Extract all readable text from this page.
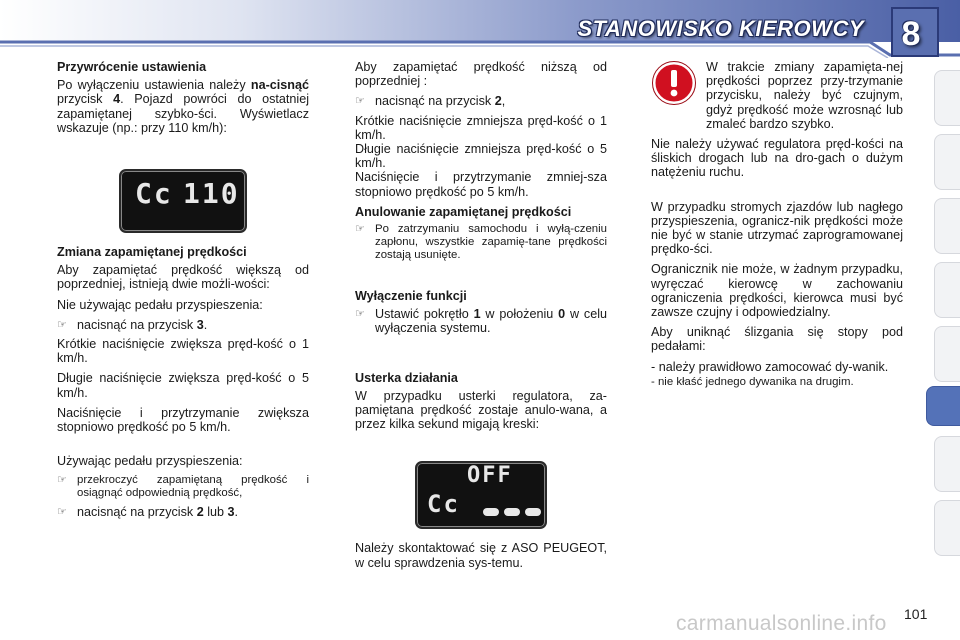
STANOWISKO KIEROWCY	8
Przywrócenie ustawienia
Po wyłączeniu ustawienia należy na-cisnąć przycisk 4. Pojazd powróci do ostatniej zapamiętanej szybko-ści. Wyświetlacz wskazuje (np.: przy 110 km/h):
Cc 110
Zmiana zapamiętanej prędkości
Aby zapamiętać prędkość większą od poprzedniej, istnieją dwie możli-wości:
Nie używając pedału przyspieszenia:
☞ nacisnąć na przycisk 3.
Krótkie naciśnięcie zwiększa pręd-kość o 1 km/h.
Długie naciśnięcie zwiększa pręd-kość o 5 km/h.
Naciśnięcie i przytrzymanie zwiększa stopniowo prędkość po 5 km/h.
Używając pedału przyspieszenia:
☞ przekroczyć zapamiętaną prędkość i osiągnąć odpowiednią prędkość,
☞ nacisnąć na przycisk 2 lub 3.
Aby zapamiętać prędkość niższą od poprzedniej :
☞ nacisnąć na przycisk 2,
Krótkie naciśnięcie zmniejsza pręd-kość o 1 km/h.
Długie naciśnięcie zmniejsza pręd-kość o 5 km/h.
Naciśnięcie i przytrzymanie zmniej-sza stopniowo prędkość po 5 km/h.
Anulowanie zapamiętanej prędkości
☞ Po zatrzymaniu samochodu i wyłą-czeniu zapłonu, wszystkie zapamię-tane prędkości zostają usunięte.
Wyłączenie funkcji
☞ Ustawić pokrętło 1 w położeniu 0 w celu wyłączenia systemu.
Usterka działania
W przypadku usterki regulatora, za-pamiętana prędkość zostaje anulo-wana, a przez kilka sekund migają kreski:
OFF
Cc
Należy skontaktować się z ASO PEUGEOT, w celu sprawdzenia sys-temu.
W trakcie zmiany zapamięta-nej prędkości poprzez przy-trzymanie przycisku, należy być czujnym, gdyż prędkość może wzrosnąć lub zmaleć bardzo szybko.
Nie należy używać regulatora pręd-kości na śliskich drogach lub na dro-gach o dużym natężeniu ruchu.
W przypadku stromych zjazdów lub nagłego przyspieszenia, ogranicz-nik prędkości może nie być w stanie utrzymać zaprogramowanej prędko-ści.
Ogranicznik nie może, w żadnym przypadku, wyręczać kierowcę w zachowaniu ograniczenia prędkości, kierowca musi być zawsze czujny i odpowiedzialny.
Aby uniknąć ślizgania się stopy pod pedałami:
- należy prawidłowo zamocować dy-wanik.
- nie kłaść jednego dywanika na drugim.
101
carmanualsonline.info
